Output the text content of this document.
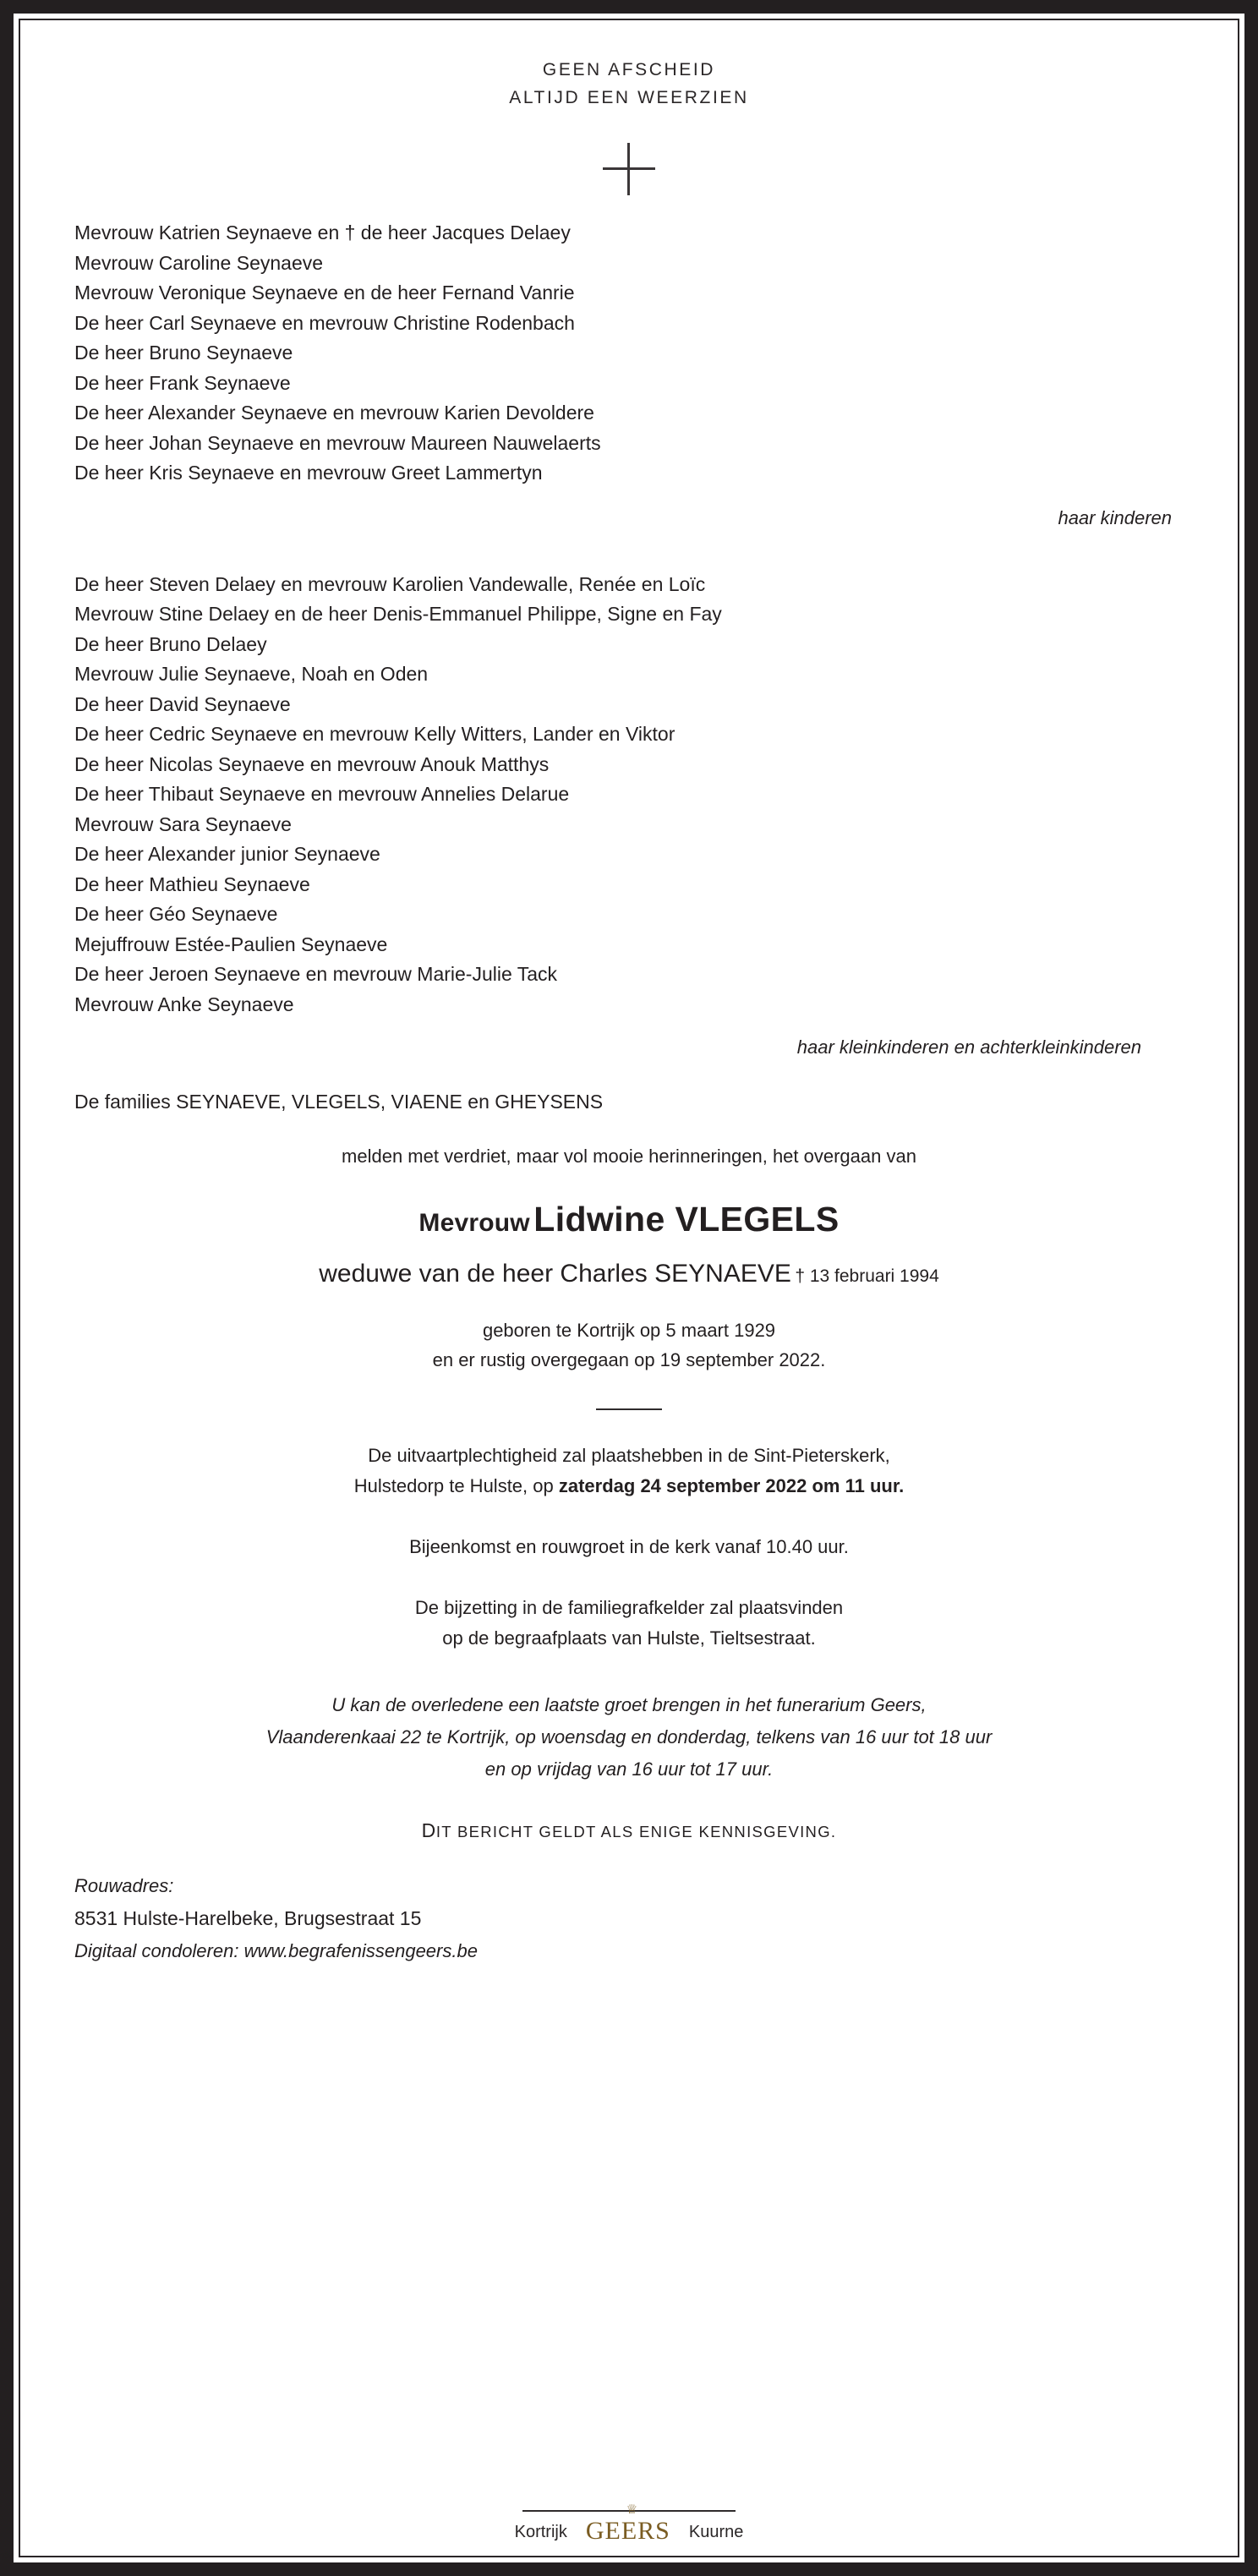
GEEN AFSCHEID
ALTIJD EEN WEERZIEN
Mevrouw Katrien Seynaeve en † de heer Jacques Delaey
Mevrouw Caroline Seynaeve
Mevrouw Veronique Seynaeve en de heer Fernand Vanrie
De heer Carl Seynaeve en mevrouw Christine Rodenbach
De heer Bruno Seynaeve
De heer Frank Seynaeve
De heer Alexander Seynaeve en mevrouw Karien Devoldere
De heer Johan Seynaeve en mevrouw Maureen Nauwelaerts
De heer Kris Seynaeve en mevrouw Greet Lammertyn
haar kinderen
De heer Steven Delaey en mevrouw Karolien Vandewalle, Renée en Loïc
Mevrouw Stine Delaey en de heer Denis-Emmanuel Philippe, Signe en Fay
De heer Bruno Delaey
Mevrouw Julie Seynaeve, Noah en Oden
De heer David Seynaeve
De heer Cedric Seynaeve en mevrouw Kelly Witters, Lander en Viktor
De heer Nicolas Seynaeve en mevrouw Anouk Matthys
De heer Thibaut Seynaeve en mevrouw Annelies Delarue
Mevrouw Sara Seynaeve
De heer Alexander junior Seynaeve
De heer Mathieu Seynaeve
De heer Géo Seynaeve
Mejuffrouw Estée-Paulien Seynaeve
De heer Jeroen Seynaeve en mevrouw Marie-Julie Tack
Mevrouw Anke Seynaeve
haar kleinkinderen en achterkleinkinderen
De families SEYNAEVE, VLEGELS, VIAENE en GHEYSENS
melden met verdriet, maar vol mooie herinneringen, het overgaan van
Mevrouw Lidwine VLEGELS
weduwe van de heer Charles SEYNAEVE † 13 februari 1994
geboren te Kortrijk op 5 maart 1929
en er rustig overgegaan op 19 september 2022.
De uitvaartplechtigheid zal plaatshebben in de Sint-Pieterskerk,
Hulstedorp te Hulste, op zaterdag 24 september 2022 om 11 uur.
Bijeenkomst en rouwgroet in de kerk vanaf 10.40 uur.
De bijzetting in de familiegrafkelder zal plaatsvinden
op de begraafplaats van Hulste, Tieltsestraat.
U kan de overledene een laatste groet brengen in het funerarium Geers,
Vlaanderenkaai 22 te Kortrijk, op woensdag en donderdag, telkens van 16 uur tot 18 uur
en op vrijdag van 16 uur tot 17 uur.
DIT BERICHT GELDT ALS ENIGE KENNISGEVING.
Rouwadres:
8531 Hulste-Harelbeke, Brugsestraat 15
Digitaal condoleren: www.begrafenissengeers.be
Kortrijk
♕
GEERS Kuurne
